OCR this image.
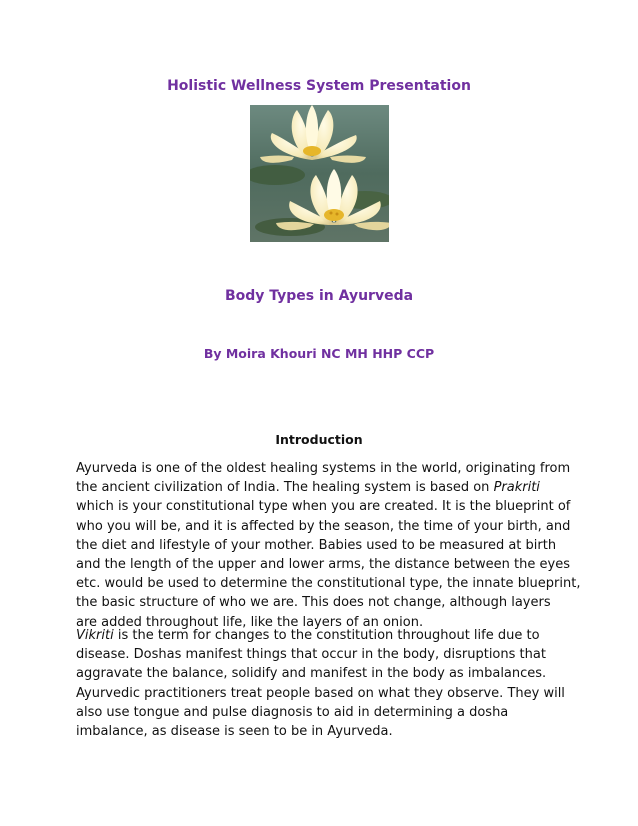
Holistic Wellness System Presentation
Body Types in Ayurveda
By Moira Khouri NC MH HHP CCP
Introduction

Ayurveda is one of the oldest healing systems in the world, originating from
the ancient civilization of India. The healing system is based on Prakriti
which is your constitutional type when you are created. It is the blueprint of
who you will be, and it is affected by the season, the time of your birth, and
the diet and lifestyle of your mother. Babies used to be measured at birth
and the length of the upper and lower arms, the distance between the eyes
etc. would be used to determine the constitutional type, the innate blueprint,
the basic structure of who we are. This does not change, although layers
are added throughout life, like the layers of an onion.

Vikriti is the term for changes to the constitution throughout life due to
disease. Doshas manifest things that occur in the body, disruptions that
aggravate the balance, solidify and manifest in the body as imbalances.
Ayurvedic practitioners treat people based on what they observe. They will
also use tongue and pulse diagnosis to aid in determining a dosha
imbalance, as disease is seen to be in Ayurveda.
